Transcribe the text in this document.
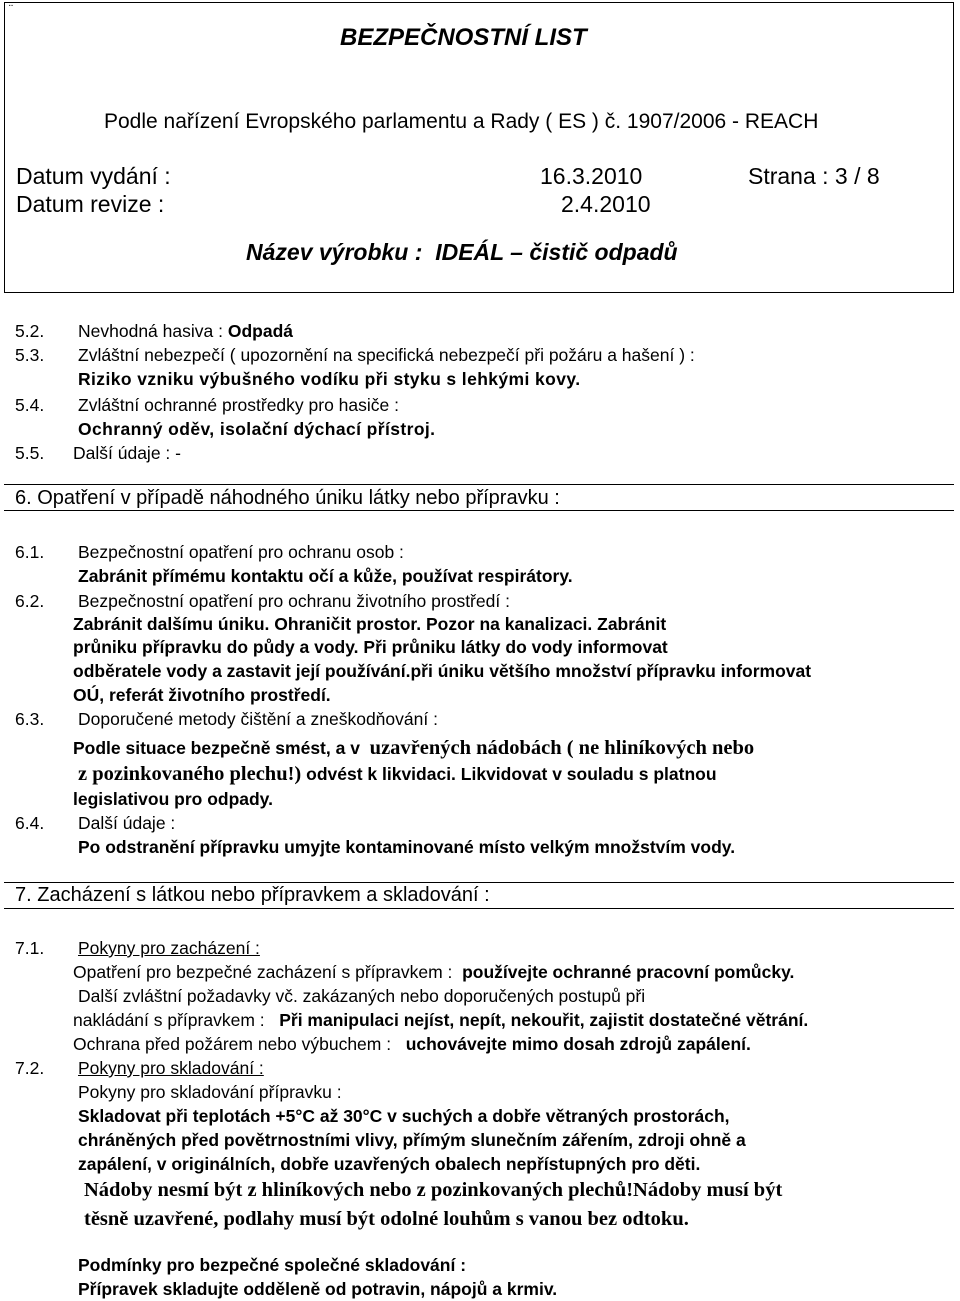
¨
BEZPEČNOSTNÍ LIST
Podle nařízení Evropského parlamentu a Rady ( ES ) č. 1907/2006 - REACH
Datum vydání :	16.3.2010	Strana : 3 / 8
Datum revize :	2.4.2010
Název výrobku : IDEÁL – čistič odpadů
5.2. Nevhodná hasiva : Odpadá
5.3. Zvláštní nebezpečí ( upozornění na specifická nebezpečí při požáru a hašení ) :
Riziko vzniku výbušného vodíku při styku s lehkými kovy.
5.4. Zvláštní ochranné prostředky pro hasiče :
Ochranný oděv, isolační dýchací přístroj.
5.5. Další údaje : -
6. Opatření v případě náhodného úniku látky nebo přípravku :
6.1. Bezpečnostní opatření pro ochranu osob :
Zabránit přímému kontaktu očí a kůže, používat respirátory.
6.2. Bezpečnostní opatření pro ochranu životního prostředí :
Zabránit dalšímu úniku. Ohraničit prostor. Pozor na kanalizaci. Zabránit
průniku přípravku do půdy a vody. Při průniku látky do vody informovat
odběratele vody a zastavit její používání.při úniku většího množství přípravku informovat
OÚ, referát životního prostředí.
6.3. Doporučené metody čištění a zneškodňování :
Podle situace bezpečně smést, a v uzavřených nádobách ( ne hliníkových nebo
z pozinkovaného plechu!) odvést k likvidaci. Likvidovat v souladu s platnou
legislativou pro odpady.
6.4. Další údaje :
Po odstranění přípravku umyjte kontaminované místo velkým množstvím vody.
7. Zacházení s látkou nebo přípravkem a skladování :
7.1. Pokyny pro zacházení :
Opatření pro bezpečné zacházení s přípravkem : používejte ochranné pracovní pomůcky.
Další zvláštní požadavky vč. zakázaných nebo doporučených postupů při
nakládání s přípravkem : Při manipulaci nejíst, nepít, nekouřit, zajistit dostatečné větrání.
Ochrana před požárem nebo výbuchem : uchovávejte mimo dosah zdrojů zapálení.
7.2. Pokyny pro skladování :
Pokyny pro skladování přípravku :
Skladovat při teplotách +5°C až 30°C v suchých a dobře větraných prostorách,
chráněných před povětrnostními vlivy, přímým slunečním zářením, zdroji ohně a
zapálení, v originálních, dobře uzavřených obalech nepřístupných pro děti.
Nádoby nesmí být z hliníkových nebo z pozinkovaných plechů!Nádoby musí být
těsně uzavřené, podlahy musí být odolné louhům s vanou bez odtoku.
Podmínky pro bezpečné společné skladování :
Přípravek skladujte odděleně od potravin, nápojů a krmiv.
